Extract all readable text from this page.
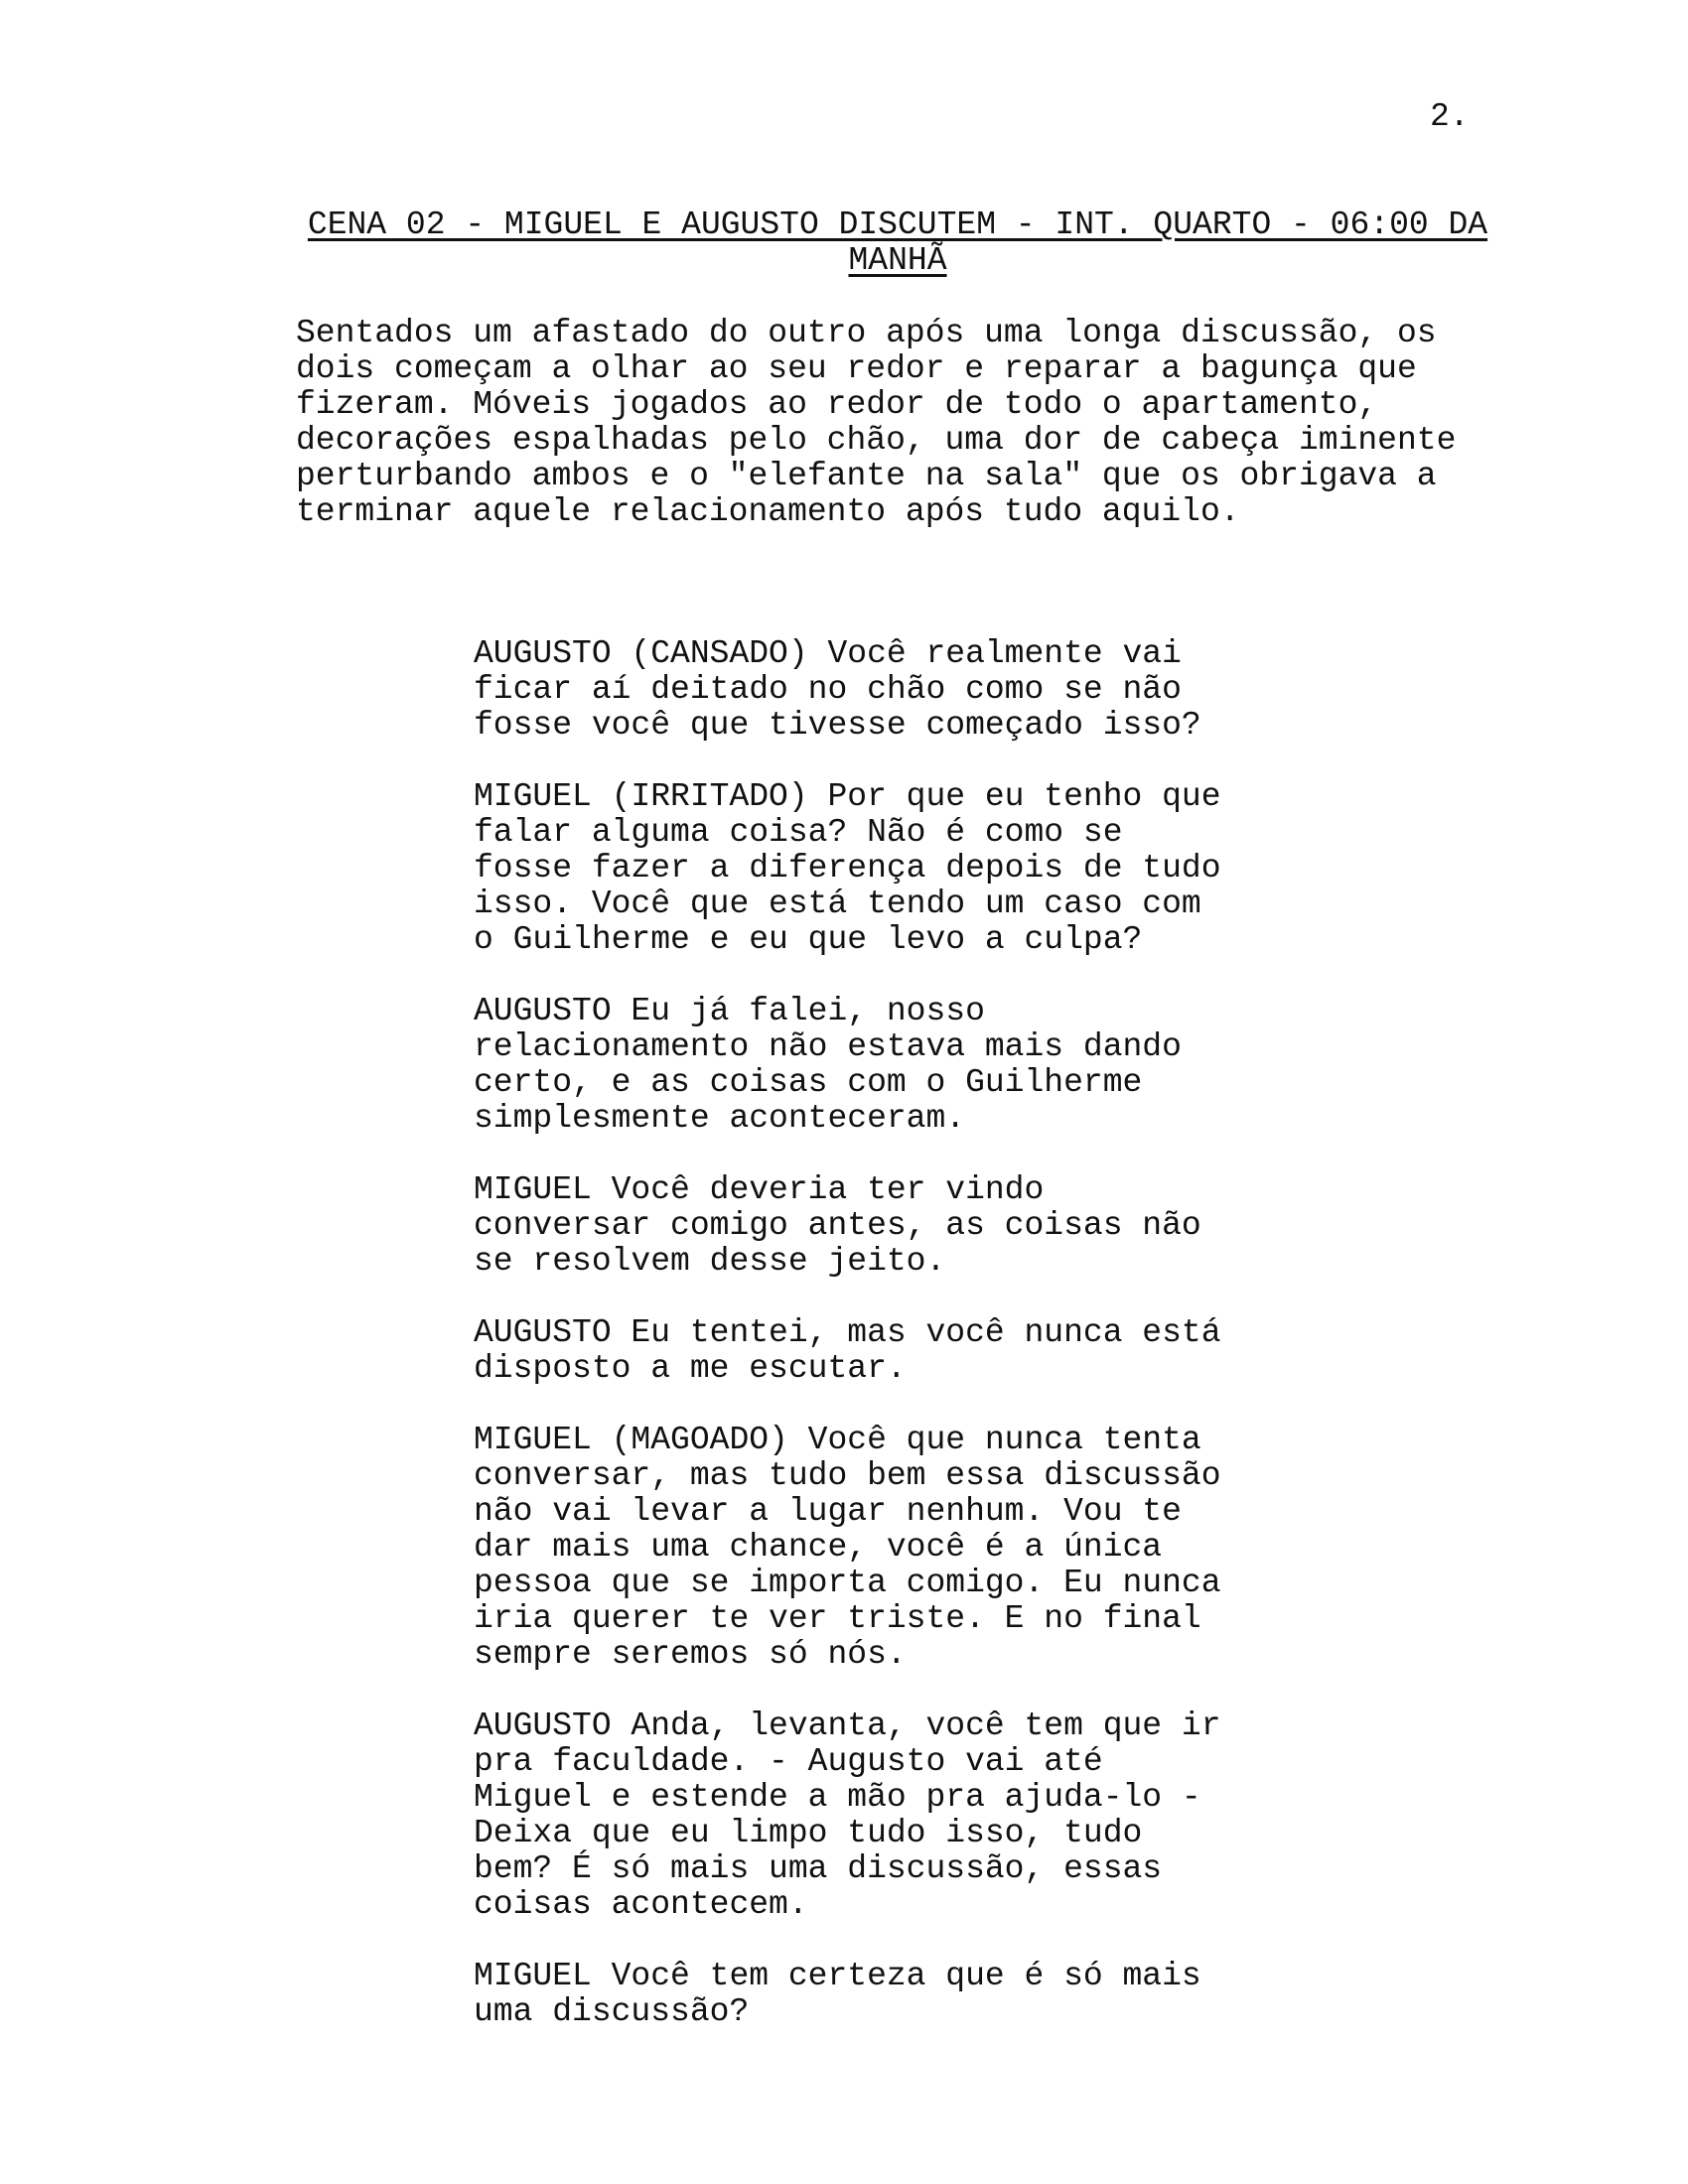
2.
CENA 02 - MIGUEL E AUGUSTO DISCUTEM - INT. QUARTO - 06:00 DA MANHÃ
Sentados um afastado do outro após uma longa discussão, os
dois começam a olhar ao seu redor e reparar a bagunça que
fizeram. Móveis jogados ao redor de todo o apartamento,
decorações espalhadas pelo chão, uma dor de cabeça iminente
perturbando ambos e o "elefante na sala" que os obrigava a
terminar aquele relacionamento após tudo aquilo.

AUGUSTO (CANSADO) Você realmente vai
ficar aí deitado no chão como se não
fosse você que tivesse começado isso?

MIGUEL (IRRITADO) Por que eu tenho que
falar alguma coisa? Não é como se
fosse fazer a diferença depois de tudo
isso. Você que está tendo um caso com
o Guilherme e eu que levo a culpa?

AUGUSTO Eu já falei, nosso
relacionamento não estava mais dando
certo, e as coisas com o Guilherme
simplesmente aconteceram.

MIGUEL Você deveria ter vindo
conversar comigo antes, as coisas não
se resolvem desse jeito.

AUGUSTO Eu tentei, mas você nunca está
disposto a me escutar.

MIGUEL (MAGOADO) Você que nunca tenta
conversar, mas tudo bem essa discussão
não vai levar a lugar nenhum. Vou te
dar mais uma chance, você é a única
pessoa que se importa comigo. Eu nunca
iria querer te ver triste. E no final
sempre seremos só nós.

AUGUSTO Anda, levanta, você tem que ir
pra faculdade. - Augusto vai até
Miguel e estende a mão pra ajuda-lo -
Deixa que eu limpo tudo isso, tudo
bem? É só mais uma discussão, essas
coisas acontecem.

MIGUEL Você tem certeza que é só mais
uma discussão?
